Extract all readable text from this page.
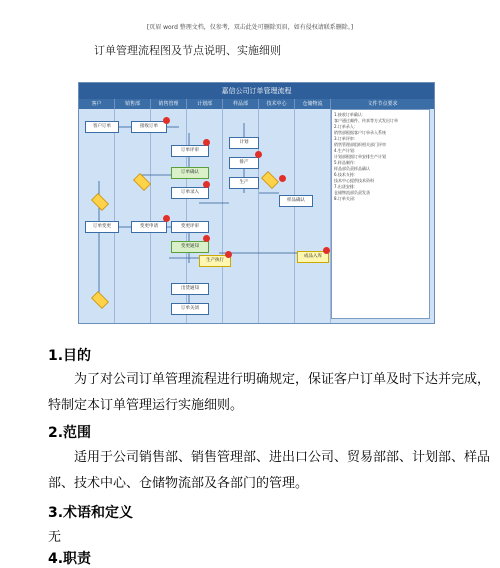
[页眉 word 整理文档，仅参考，双击此处可删除页眉，如有侵权请联系删除。]
订单管理流程图及节点说明、实施细则
嘉信公司订单管理流程
客户	销售部	销售管理	计划部	样品部	技术中心	仓储物流	文件节点要求
客户订单	接收订单
订单评审
订单确认
订单录入
计划
排产
生产
样品确认
订单变更	变更申请	变更评审
变更通知
生产执行
成品入库
出货通知
订单关闭
1.接收订单确认：
客户通过邮件、传真等方式发出订单
2.订单录入：
销售部根据客户订单录入系统
3.订单评审：
销售管理部组织相关部门评审
4.生产计划：
计划部根据订单安排生产计划
5.样品制作：
样品部负责样品确认
6.技术支持：
技术中心提供技术资料
7.出货安排：
仓储物流部负责发货
8.订单关闭：
1.目的
为了对公司订单管理流程进行明确规定，保证客户订单及时下达并完成，
特制定本订单管理运行实施细则。
2.范围
适用于公司销售部、销售管理部、进出口公司、贸易部部、计划部、样品
部、技术中心、仓储物流部及各部门的管理。
3.术语和定义
无
4.职责
